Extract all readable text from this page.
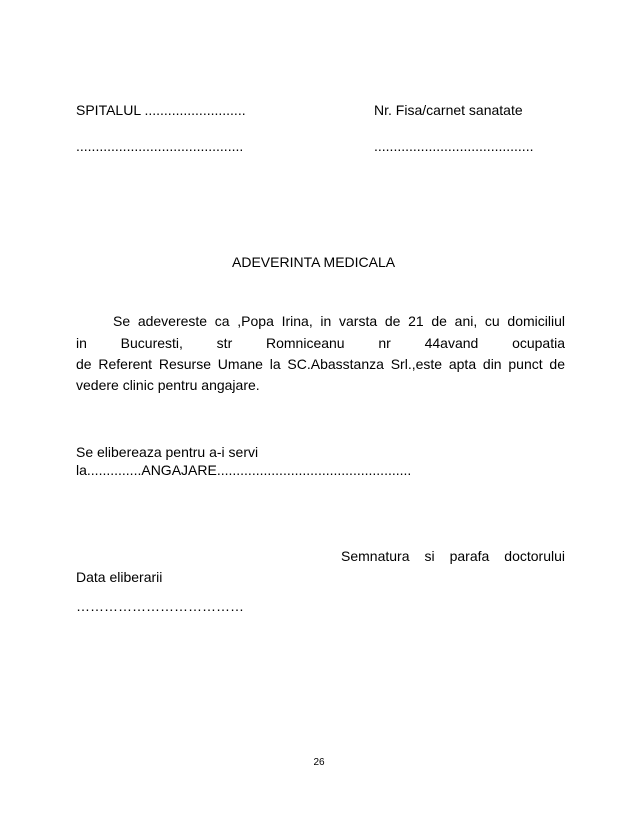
SPITALUL ..........................
...........................................
Nr. Fisa/carnet sanatate
.........................................
ADEVERINTA MEDICALA
Se adevereste ca ,Popa Irina, in varsta de 21 de ani, cu domiciliul
in Bucuresti, str Romniceanu nr 44avand ocupatia
de Referent Resurse Umane la SC.Abasstanza Srl.,este apta din punct de
vedere clinic pentru angajare.
Se elibereaza pentru a-i servi
la..............ANGAJARE..................................................
Semnatura si parafa doctorului
Data eliberarii
………………………………
26
